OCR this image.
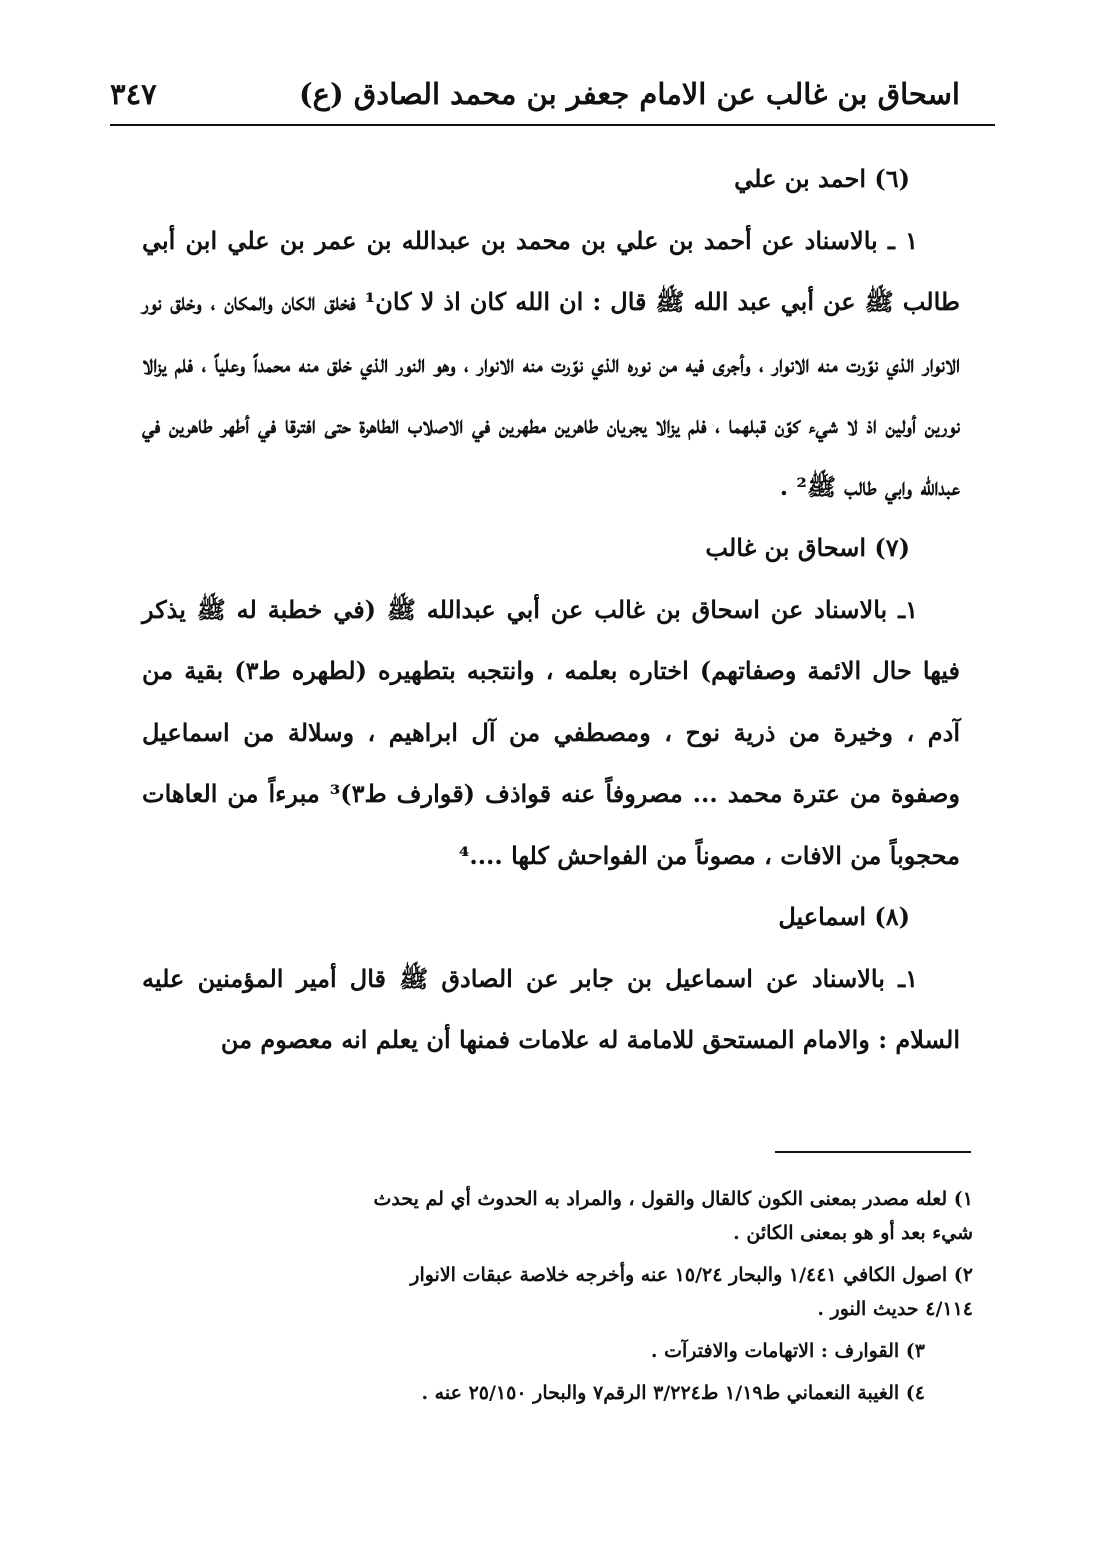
اسحاق بن غالب عن الامام جعفر بن محمد الصادق (ع)
٣٤٧

(٦) احمد بن علي

١ ـ بالاسناد عن أحمد بن علي بن محمد بن عبدالله بن عمر بن علي ابن أبي طالب ﷺ عن أبي عبد الله ﷺ قال : ان الله كان اذ لا كان¹ فخلق الكان والمكان ، وخلق نور الانوار الذي نوّرت منه الانوار ، وأجرى فيه من نوره الذي نوّرت منه الانوار ، وهو النور الذي خلق منه محمداً وعلياً ، فلم يزالا نورين أولين اذ لا شيء كوّن قبلهما ، فلم يزالا يجريان طاهرين مطهرين في الاصلاب الطاهرة حتى افترقا في أطهر طاهرين في عبدالله وابي طالب ﷺ² .

(٧) اسحاق بن غالب

١ـ بالاسناد عن اسحاق بن غالب عن أبي عبدالله ﷺ (في خطبة له ﷺ يذكر فيها حال الائمة وصفاتهم) اختاره بعلمه ، وانتجبه بتطهيره (لطهره ط٣) بقية من آدم ، وخيرة من ذرية نوح ، ومصطفي من آل ابراهيم ، وسلالة من اسماعيل وصفوة من عترة محمد ... مصروفاً عنه قواذف (قوارف ط٣)³ مبرءاً من العاهات محجوباً من الافات ، مصوناً من الفواحش كلها ....⁴

(٨) اسماعيل

١ـ بالاسناد عن اسماعيل بن جابر عن الصادق ﷺ قال أمير المؤمنين عليه السلام : والامام المستحق للامامة له علامات فمنها أن يعلم انه معصوم من

١) لعله مصدر بمعنى الكون كالقال والقول ، والمراد به الحدوث أي لم يحدث
شيء بعد أو هو بمعنى الكائن .

٢) اصول الكافي ١/٤٤١ والبحار ١٥/٢٤ عنه وأخرجه خلاصة عبقات الانوار
٤/١١٤ حديث النور .

٣) القوارف : الاتهامات والافترآت .

٤) الغيبة النعماني ط١/١٩ ط٣/٢٢٤ الرقم٧ والبحار ٢٥/١٥٠ عنه .
